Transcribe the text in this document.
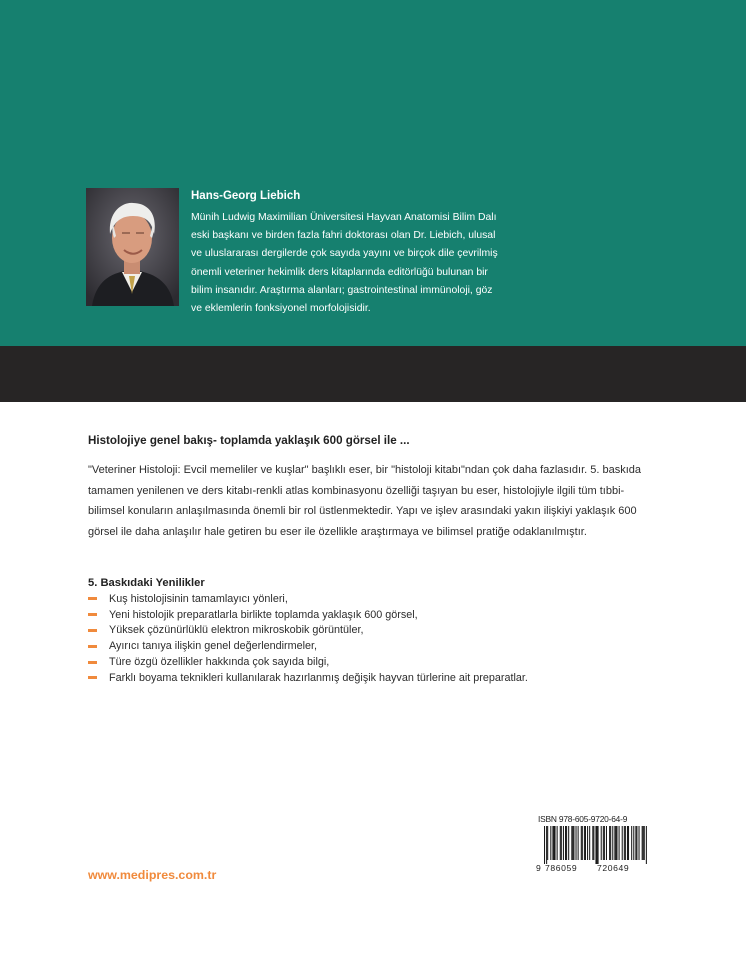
Hans-Georg Liebich
Münih Ludwig Maximilian Üniversitesi Hayvan Anatomisi Bilim Dalı
eski başkanı ve birden fazla fahri doktorası olan Dr. Liebich, ulusal
ve uluslararası dergilerde çok sayıda yayını ve birçok dile çevrilmiş
önemli veteriner hekimlik ders kitaplarında editörlüğü bulunan bir
bilim insanıdır. Araştırma alanları; gastrointestinal immünoloji, göz
ve eklemlerin fonksiyonel morfolojisidir.
Histolojiye genel bakış- toplamda yaklaşık 600 görsel ile ...
"Veteriner Histoloji: Evcil memeliler ve kuşlar" başlıklı eser, bir "histoloji kitabı"ndan çok daha fazlasıdır. 5. baskıda
tamamen yenilenen ve ders kitabı-renkli atlas kombinasyonu özelliği taşıyan bu eser, histolojiyle ilgili tüm tıbbi-
bilimsel konuların anlaşılmasında önemli bir rol üstlenmektedir. Yapı ve işlev arasındaki yakın ilişkiyi yaklaşık 600
görsel ile daha anlaşılır hale getiren bu eser ile özellikle araştırmaya ve bilimsel pratiğe odaklanılmıştır.
5. Baskıdaki Yenilikler
Kuş histolojisinin tamamlayıcı yönleri,
Yeni histolojik preparatlarla birlikte toplamda yaklaşık 600 görsel,
Yüksek çözünürlüklü elektron mikroskobik görüntüler,
Ayırıcı tanıya ilişkin genel değerlendirmeler,
Türe özgü özellikler hakkında çok sayıda bilgi,
Farklı boyama teknikleri kullanılarak hazırlanmış değişik hayvan türlerine ait preparatlar.
www.medipres.com.tr
ISBN 978-605-9720-64-9
9 786059	720649
